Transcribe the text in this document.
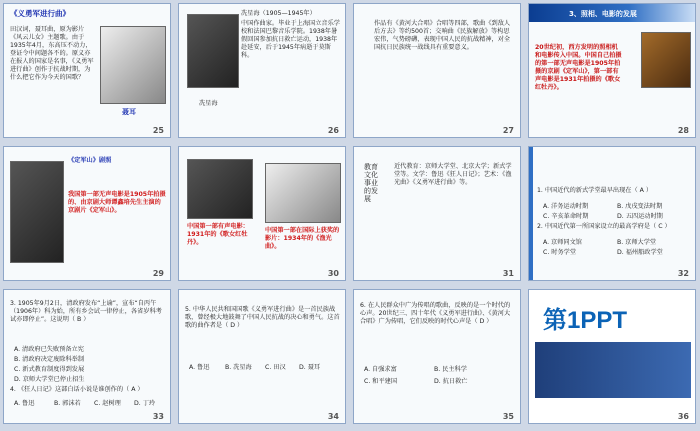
《义勇军进行曲》
田汉词，聂耳曲，原为影片《风云儿女》主题歌。由于1935年4月，东高压不动力，登证令中间题各不的。原义亦在报人的国家是名事，《义勇军进行曲》创作于抗战时期，为什么把它作为今天的国歌？
聂耳
25
冼星海（1905—1945年）
中国作曲家。毕业于上海国立音乐学校和法国巴黎音乐学院。1938年暑假回国参加抗日救亡运动，1938年赴延安，后于1945年病逝于莫斯科。
冼星海
26
作品有《黄河大合唱》合唱等四部，歌曲《到敌人后方去》等约500首；交响曲《民族解放》等构思宏伟，气势磅礴，表现中国人民的抗战精神，对全国抗日民族统一战线具有重要意义。
27
3、照相、电影的发展
20世纪初，西方发明的照相机和电影传入中国。中国自己拍摄的第一部无声电影是1905年拍摄的京剧《定军山》，第一部有声电影是1931年拍摄的《歌女红牡丹》。
28
《定军山》剧照
我国第一部无声电影是1905年拍摄的、由京剧大师谭鑫培先生主演的京剧片《定军山》。
29
中国第一部有声电影：1931年的《歌女红牡丹》。
中国第一部在国际上获奖的影片：1934年的《渔光曲》。
30
教育文化事业的发展
近代教育：京师大学堂、北京大学；新式学堂等。文学：鲁迅《狂人日记》；艺术：《渔光曲》《义勇军进行曲》等。
31
1. 中国近代的新式学堂最早出现在（ A ）
A. 洋务运动时期	B. 戊戌变法时期
C. 辛亥革命时期	D. 五四运动时期
2. 中国近代第一所国家设立的最高学府是（ C ）
A. 京师同文馆	B. 京师大学堂
C. 时务学堂	D. 福州船政学堂
32
3. 1905年9月2日，清政府发布“上谕”，宣布“自丙午（1906年）科为始，所有乡会试一律停止，各省岁科考试亦即停止”。这说明（ B ）
A. 清政府已失败预备立宪
B. 清政府决定废除科举制
C. 新式教育制度得到发展
D. 京师大学堂已停止招生
4. 《狂人日记》这部白话小说是谁创作的（ A ）
A. 鲁迅	B. 郭沫若 C. 赵树理 D. 丁玲
33
5. 中华人民共和国国歌《义勇军进行曲》是一首民族战歌，曾经极大地鼓舞了中国人民抗战的决心和勇气。这首歌的曲作者是（ D ）
A. 鲁迅	B. 冼星海 C. 田汉 D. 聂耳
34
6. 在人民群众中广为传唱的歌曲，反映的是一个时代的心声。20世纪三、四十年代《义勇军进行曲》、《黄河大合唱》广为传唱，它们反映的时代心声是（ D ）
A. 自强求富	B. 民主科学
C. 和平建国	D. 抗日救亡
35
第1PPT
36
